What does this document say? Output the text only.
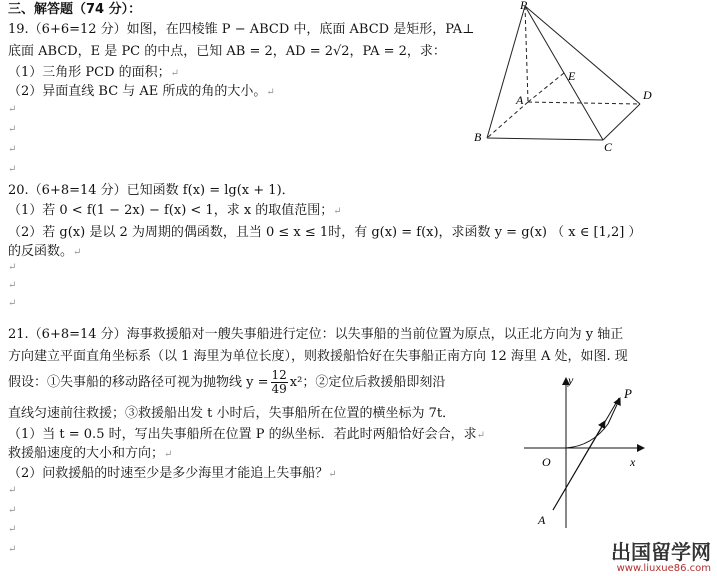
三、解答题（74 分）：
19.（6+6=12 分）如图，在四棱锥 P − ABCD 中，底面 ABCD 是矩形，PA⊥
底面 ABCD，E 是 PC 的中点，已知 AB = 2，AD = 2√2，PA = 2，求：
（1）三角形 PCD 的面积；↵
（2）异面直线 BC 与 AE 所成的角的大小。↵
↵
↵
↵
↵
P
A
B
C
D
E
20.（6+8=14 分）已知函数 f(x) = lg(x + 1)．
（1）若 0 < f(1 − 2x) − f(x) < 1，求 x 的取值范围；↵
（2）若 g(x) 是以 2 为周期的偶函数，且当 0 ≤ x ≤ 1时，有 g(x) = f(x)，求函数 y = g(x) （ x ∈ [1,2] ）
的反函数。↵
↵
↵
↵
21.（6+8=14 分）海事救援船对一艘失事船进行定位：以失事船的当前位置为原点，以正北方向为 y 轴正
方向建立平面直角坐标系（以 1 海里为单位长度），则救援船恰好在失事船正南方向 12 海里 A 处，如图. 现
假设：①失事船的移动路径可视为抛物线 $y = \frac{12}{49} x^2$；②定位后救援船即刻沿
直线匀速前往救援；③救援船出发 t 小时后，失事船所在位置的横坐标为 7t．
（1）当 t = 0.5 时，写出失事船所在位置 P 的纵坐标．若此时两船恰好会合，求↵
救援船速度的大小和方向；↵
（2）问救援船的时速至少是多少海里才能追上失事船？↵
↵
↵
↵
↵
y
x
O
P
A
出国留学网
www.liuxue86.com
